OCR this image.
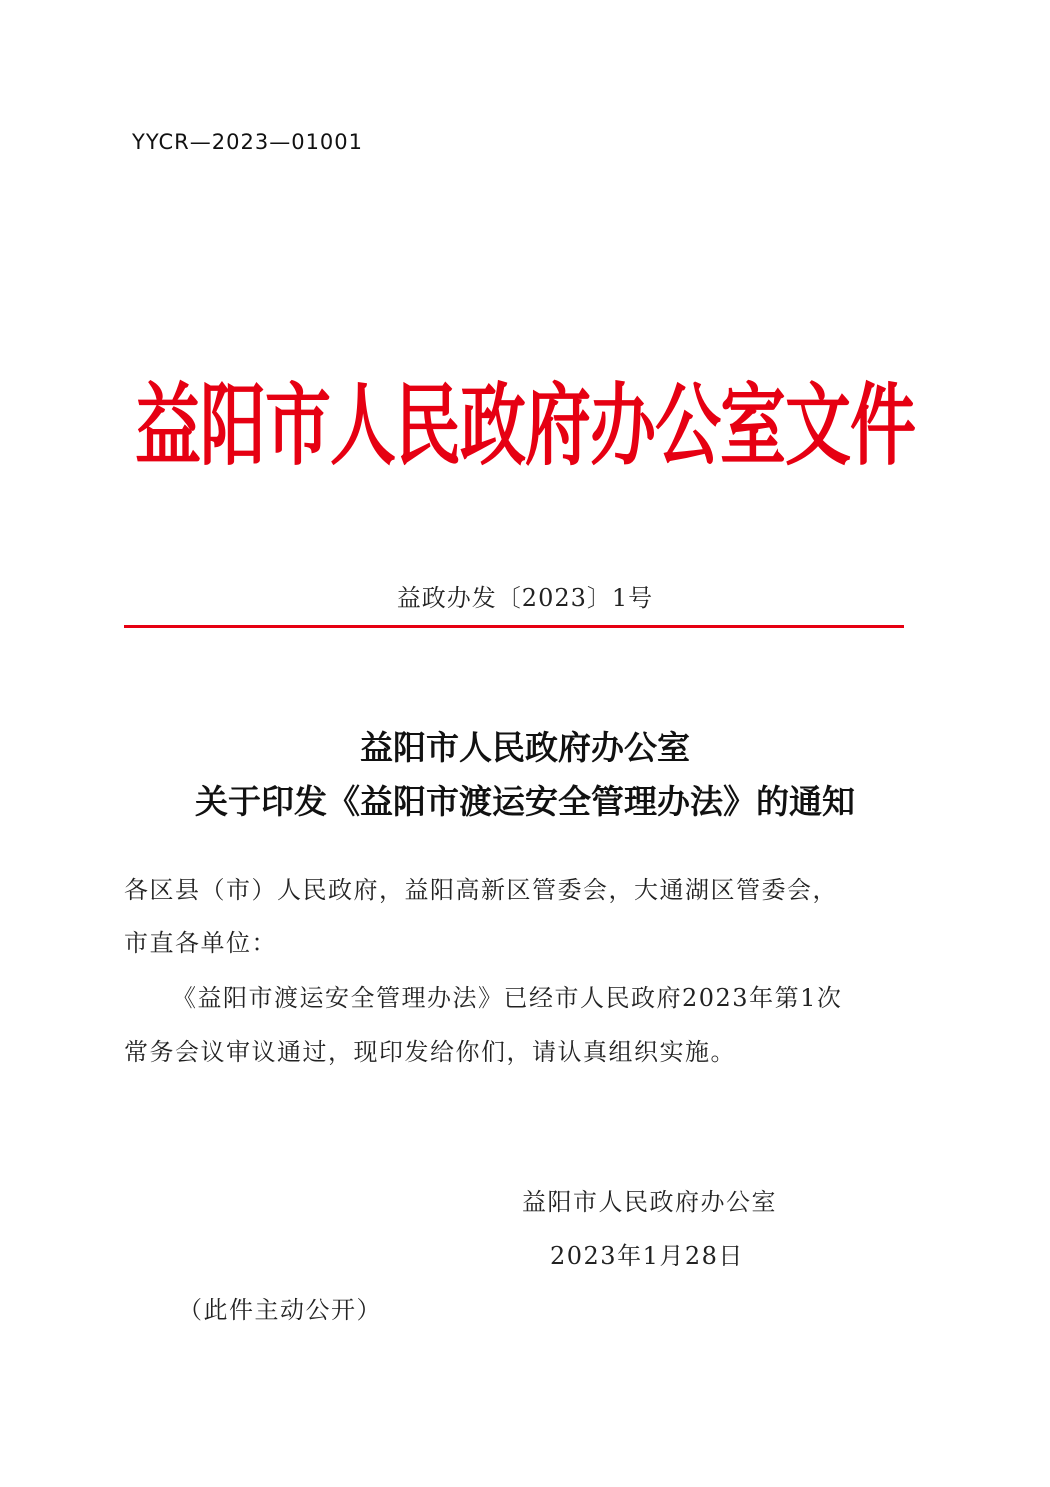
YYCR—2023—01001
益阳市人民政府办公室文件
益政办发〔2023〕1号
益阳市人民政府办公室
关于印发《益阳市渡运安全管理办法》的通知
各区县（市）人民政府，益阳高新区管委会，大通湖区管委会，
市直各单位：
《益阳市渡运安全管理办法》已经市人民政府2023年第1次
常务会议审议通过，现印发给你们，请认真组织实施。
益阳市人民政府办公室
2023年1月28日
（此件主动公开）
